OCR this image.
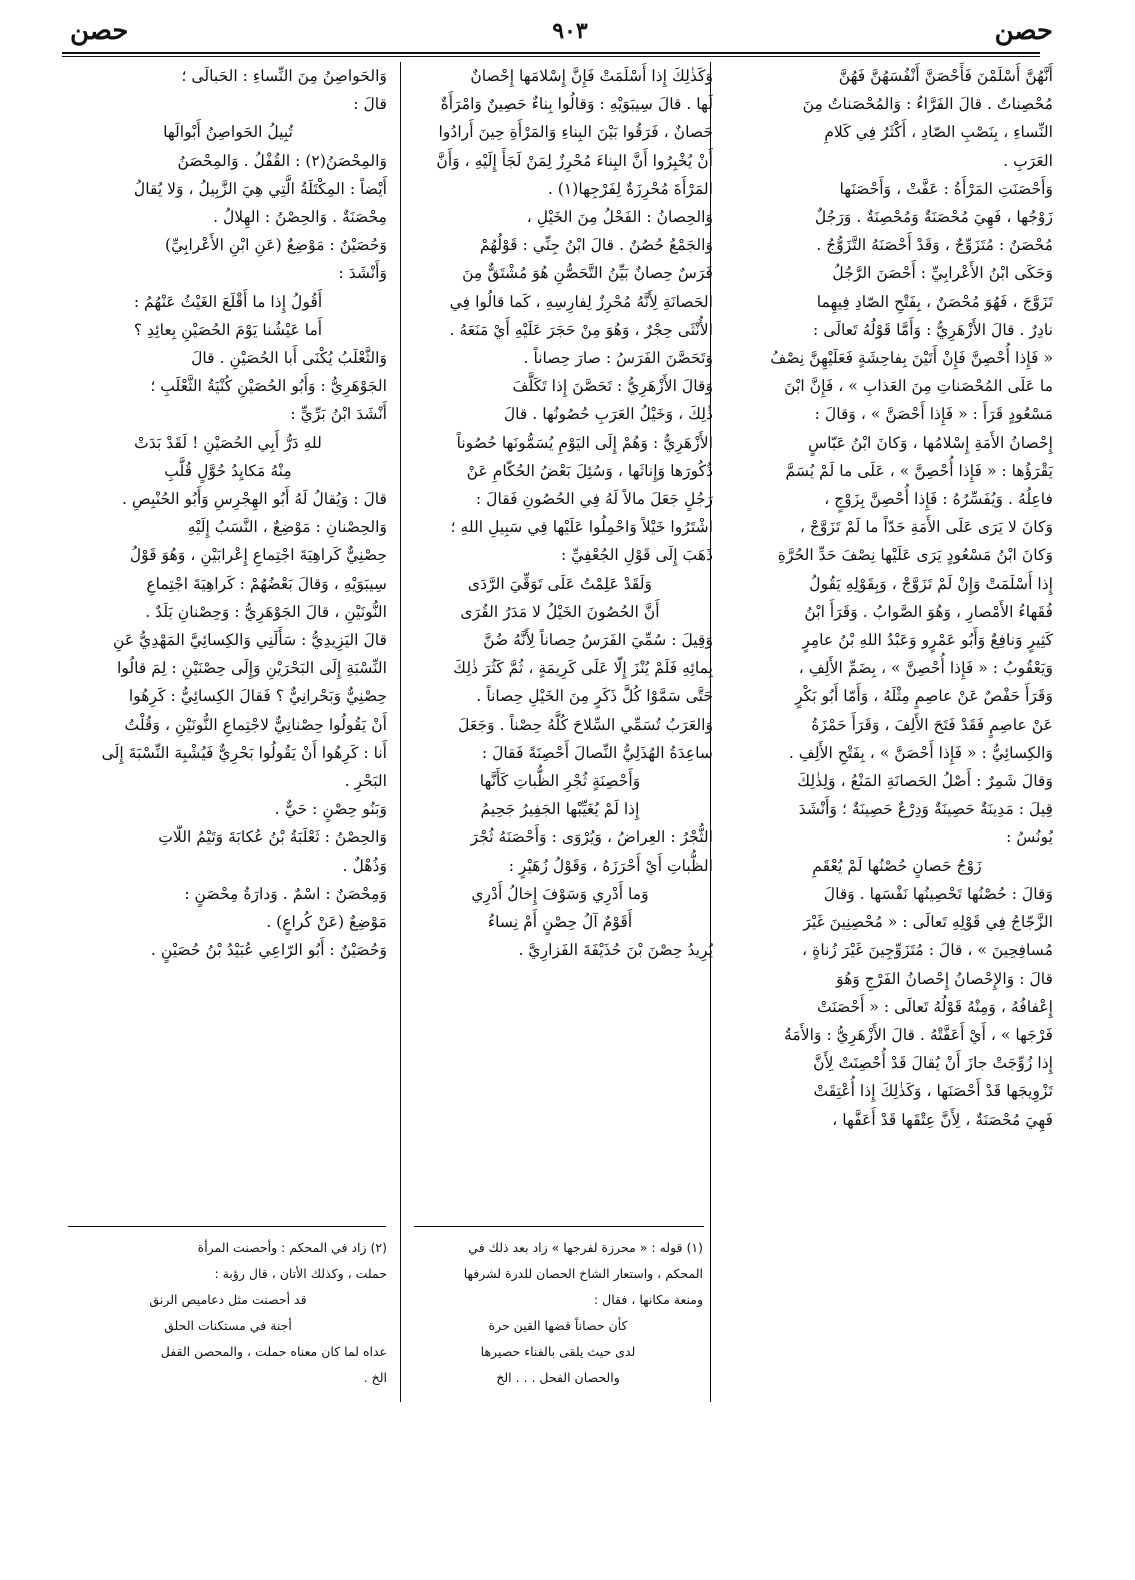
حصن	٩٠٣	حصن

أَنَّهُنَّ أَسْلَمْنَ فَأَحْصَنَّ أَنْفُسَهُنَّ فَهُنَّ

مُحْصِناتٌ . قالَ الفَرَّاءُ : وَالمُحْصَناتُ مِنَ

النِّساءِ ، بِنَصْبِ الصّادِ ، أَكْثَرُ فِي كَلامِ

العَرَبِ .

وَأَحْصَنَتِ المَرْأَةُ : عَفَّتْ ، وَأَحْصَنَها

زَوْجُها ، فَهِيَ مُحْصَنَةٌ وَمُحْصِنَةٌ . وَرَجُلٌ

مُحْصَنٌ : مُتَزَوِّجٌ ، وَقَدْ أَحْصَنَهُ التَّزَوُّجُ .

وَحَكَى ابْنُ الأَعْرابِيِّ : أَحْصَنَ الرَّجُلُ

تَزَوَّجَ ، فَهُوَ مُحْصَنٌ ، بِفَتْحِ الصّادِ فِيهِما

نادِرٌ . قالَ الأَزْهَرِيُّ : وَأَمَّا قَوْلُهُ تَعالَى :

« فَإِذا أُحْصِنَّ فَإِنْ أَتَيْنَ بِفاحِشَةٍ فَعَلَيْهِنَّ نِصْفُ

ما عَلَى المُحْصَناتِ مِنَ العَذابِ » ، فَإِنَّ ابْنَ

مَسْعُودٍ قَرَأَ : « فَإِذا أَحْصَنَّ » ، وَقالَ :

إِحْصانُ الأَمَةِ إِسْلامُها ، وَكانَ ابْنُ عَبّاسٍ

يَقْرَؤُها : « فَإِذا أُحْصِنَّ » ، عَلَى ما لَمْ يُسَمَّ

فاعِلُهُ . وَيُفَسِّرُهُ : فَإِذا أُحْصِنَّ بِزَوْجٍ ،

وَكانَ لا يَرَى عَلَى الأَمَةِ حَدّاً ما لَمْ تَزَوَّجْ ،

وَكانَ ابْنُ مَسْعُودٍ يَرَى عَلَيْها نِصْفَ حَدِّ الحُرَّةِ

إِذا أَسْلَمَتْ وَإِنْ لَمْ تَزَوَّجْ ، وَبِقَوْلِهِ يَقُولُ

فُقَهاءُ الأَمْصارِ ، وَهُوَ الصَّوابُ . وَقَرَأَ ابْنُ

كَثِيرٍ وَنافِعٌ وَأَبُو عَمْرٍو وَعَبْدُ اللهِ بْنُ عامِرٍ

وَيَعْقُوبُ : « فَإِذا أُحْصِنَّ » ، بِضَمِّ الأَلِفِ ،

وَقَرَأَ حَفْصٌ عَنْ عاصِمٍ مِثْلَهُ ، وَأَمّا أَبُو بَكْرٍ

عَنْ عاصِمٍ فَقَدْ فَتَحَ الأَلِفَ ، وَقَرَأَ حَمْزَةُ

وَالكِسائِيُّ : « فَإِذا أَحْصَنَّ » ، بِفَتْحِ الأَلِفِ .

وَقالَ شَمِرٌ : أَصْلُ الحَصانَةِ المَنْعُ ، وَلِذٰلِكَ

قِيلَ : مَدِينَةٌ حَصِينَةٌ وَدِرْعٌ حَصِينَةٌ ؛ وَأَنْشَدَ

يُونُسُ :

زَوْجُ حَصانٍ حُصْنُها لَمْ يُعْقَمِ

وَقالَ : حُصْنُها تَحْصِينُها نَفْسَها . وَقالَ

الزَّجّاجُ فِي قَوْلِهِ تَعالَى : « مُحْصِنِينَ غَيْرَ

مُسافِحِينَ » ، قالَ : مُتَزَوِّجِينَ غَيْرَ زُناةٍ ،

قالَ : وَالإِحْصانُ إِحْصانُ الفَرْجِ وَهُوَ

إِعْفافُهُ ، وَمِنْهُ قَوْلُهُ تَعالَى : « أَحْصَنَتْ

فَرْجَها » ، أَيْ أَعَفَّتْهُ . قالَ الأَزْهَرِيُّ : وَالأَمَةُ

إِذا زُوِّجَتْ جازَ أَنْ يُقالَ قَدْ أُحْصِنَتْ لِأَنَّ

تَزْوِيجَها قَدْ أَحْصَنَها ، وَكَذٰلِكَ إِذا أُعْتِقَتْ

فَهِيَ مُحْصَنَةٌ ، لِأَنَّ عِتْقَها قَدْ أَعَفَّها ،

وَكَذٰلِكَ إِذا أَسْلَمَتْ فَإِنَّ إِسْلامَها إِحْصانٌ

لَها . قالَ سِيبَوَيْهِ : وَقالُوا بِناءٌ حَصِينٌ وَامْرَأَةٌ

حَصانٌ ، فَرَقُوا بَيْنَ البِناءِ وَالمَرْأَةِ حِينَ أَرادُوا

أَنْ يُخْبِرُوا أَنَّ البِناءَ مُحْرِزٌ لِمَنْ لَجَأَ إِلَيْهِ ، وَأَنَّ

المَرْأَةَ مُحْرِزَةٌ لِفَرْجِها(١) .

وَالحِصانُ : الفَحْلُ مِنَ الخَيْلِ ،

وَالجَمْعُ حُصُنٌ . قالَ ابْنُ جِنِّي : قَوْلُهُمْ

فَرَسٌ حِصانٌ بَيِّنُ التَّحَصُّنِ هُوَ مُشْتَقٌّ مِنَ

الحَصانَةِ لِأَنَّهُ مُحْرِزٌ لِفارِسِهِ ، كَما قالُوا فِي

الأُنْثَى حِجْرٌ ، وَهُوَ مِنْ حَجَرَ عَلَيْهِ أَيْ مَنَعَهُ .

وَتَحَصَّنَ الفَرَسُ : صارَ حِصاناً .

وَقالَ الأَزْهَرِيُّ : تَحَصَّنَ إِذا تَكَلَّفَ

ذٰلِكَ ، وَخَيْلُ العَرَبِ حُصُونُها . قالَ

الأَزْهَرِيُّ : وَهُمْ إِلَى اليَوْمِ يُسَمُّونَها حُصُوناً

ذُكُورَها وَإِناثَها ، وَسُئِلَ بَعْضُ الحُكّامِ عَنْ

رَجُلٍ جَعَلَ مالاً لَهُ فِي الحُصُونِ فَقالَ :

اشْتَرُوا خَيْلاً وَاحْمِلُوا عَلَيْها فِي سَبِيلِ اللهِ ؛

ذَهَبَ إِلَى قَوْلِ الجُعْفِيِّ :

وَلَقَدْ عَلِمْتُ عَلَى تَوَقِّيَ الرَّدَى

أَنَّ الحُصُونَ الخَيْلُ لا مَدَرُ القُرَى

وَقِيلَ : سُمِّيَ الفَرَسُ حِصاناً لِأَنَّهُ ضُنَّ

بِمائِهِ فَلَمْ يُنْزَ إِلّا عَلَى كَرِيمَةٍ ، ثُمَّ كَثُرَ ذٰلِكَ

حَتَّى سَمَّوْا كُلَّ ذَكَرٍ مِنَ الخَيْلِ حِصاناً .

وَالعَرَبُ تُسَمِّي السِّلاحَ كُلَّهُ حِصْناً . وَجَعَلَ

ساعِدَةُ الهُذَلِيُّ النِّصالَ أَحْصِنَةً فَقالَ :

وَأَحْصِنَةٍ ثُجْرِ الظُّباتِ كَأَنَّها

إِذا لَمْ يُغَيِّبْها الجَفِيرُ جَحِيمُ

الثُّجْرُ : العِراضُ ، وَيُرْوَى : وَأَحْصَنَهُ ثُجْرَ

الظُّباتِ أَيْ أَحْرَزَهُ ، وَقَوْلُ زُهَيْرٍ :

وَما أَدْرِي وَسَوْفَ إِخالُ أَدْرِي

أَقَوْمٌ آلُ حِصْنٍ أَمْ نِساءُ

يُرِيدُ حِصْنَ بْنَ حُذَيْفَةَ الفَزارِيَّ .

وَالحَواصِنُ مِنَ النِّساءِ : الحَبالَى ؛

قالَ :

تُبِيلُ الحَواصِنُ أَبْوالَها

وَالمِحْصَنُ(٢) : القُفْلُ . وَالمِحْصَنُ

أَيْضاً : المِكْتَلَةُ الَّتِي هِيَ الزَّبِيلُ ، وَلا يُقالُ

مِحْصَنَةٌ . وَالحِصْنُ : الهِلالُ .

وَحُصَيْنٌ : مَوْضِعٌ (عَنِ ابْنِ الأَعْرابِيِّ)

وَأَنْشَدَ :

أَقُولُ إِذا ما أَقْلَعَ الغَيْثُ عَنْهُمُ :

أَما عَيْشُنا يَوْمَ الحُصَيْنِ بِعائِدِ ؟

وَالثَّعْلَبُ يُكْنَى أَبا الحُصَيْنِ . قالَ

الجَوْهَرِيُّ : وَأَبُو الحُصَيْنِ كُنْيَةُ الثَّعْلَبِ ؛

أَنْشَدَ ابْنُ بَرِّيٍّ :

للهِ دَرُّ أَبِي الحُصَيْنِ ! لَقَدْ بَدَتْ

مِنْهُ مَكايِدُ حُوَّلٍ قُلَّبِ

قالَ : وَيُقالُ لَهُ أَبُو الهِجْرِسِ وَأَبُو الحُنْبِصِ .

وَالحِصْنانِ : مَوْضِعٌ ، النَّسَبُ إِلَيْهِ

حِصْنِيٌّ كَراهِيَةَ اجْتِماعِ إِعْرابَيْنِ ، وَهُوَ قَوْلُ

سِيبَوَيْهِ ، وَقالَ بَعْضُهُمْ : كَراهِيَةَ اجْتِماعِ

النُّونَيْنِ ، قالَ الجَوْهَرِيُّ : وَحِصْنانِ بَلَدٌ .

قالَ اليَزِيدِيُّ : سَأَلَنِي وَالكِسائِيَّ المَهْدِيُّ عَنِ

النِّسْبَةِ إِلَى البَحْرَيْنِ وَإِلَى حِصْنَيْنِ : لِمَ قالُوا

حِصْنِيٌّ وَبَحْرانِيٌّ ؟ فَقالَ الكِسائِيُّ : كَرِهُوا

أَنْ يَقُولُوا حِصْنانِيٌّ لاجْتِماعِ النُّونَيْنِ ، وَقُلْتُ

أَنا : كَرِهُوا أَنْ يَقُولُوا بَحْرِيٌّ فَيُشْبِهَ النِّسْبَةَ إِلَى

البَحْرِ .

وَبَنُو حِصْنٍ : حَيٌّ .

وَالحِصْنُ : ثَعْلَبَةُ بْنُ عُكابَةَ وَتَيْمُ اللّاتِ

وَذُهْلٌ .

وَمِحْصَنٌ : اسْمٌ . وَدارَةُ مِحْصَنٍ :

مَوْضِعٌ (عَنْ كُراعٍ) .

وَحُصَيْنٌ : أَبُو الرّاعِي عُبَيْدُ بْنُ حُصَيْنٍ .

(١) قوله : « محرزة لفرجها » زاد بعد ذلك في

المحكم ، واستعار الشاخ الحصان للدرة لشرفها

ومنعة مكانها ، فقال :

كأن حصاناً قضها القين حرة

لدى حيث يلقى بالفناء حصيرها

والحصان الفحل . . . الخ

(٢) زاد في المحكم : وأحصنت المرأة

حملت ، وكذلك الأتان ، قال رؤبة :

قد أحصنت مثل دعاميص الرنق

أجنة في مستكنات الحلق

عداه لما كان معناه حملت ، والمحصن القفل

الخ .
